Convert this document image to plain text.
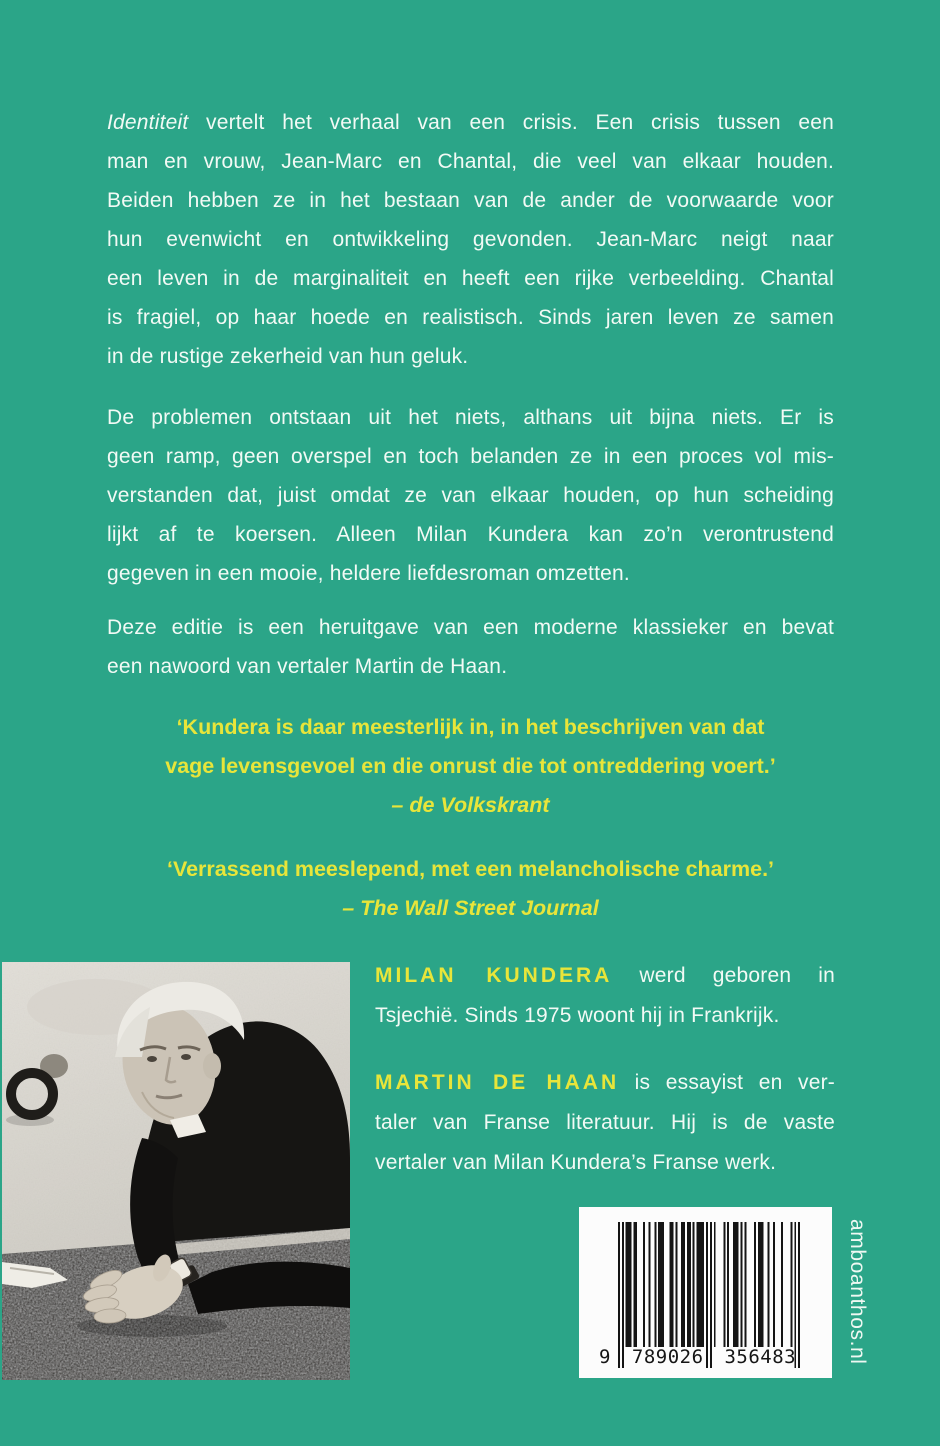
Identiteit vertelt het verhaal van een crisis. Een crisis tussen een
man en vrouw, Jean-Marc en Chantal, die veel van elkaar houden.
Beiden hebben ze in het bestaan van de ander de voorwaarde voor
hun evenwicht en ontwikkeling gevonden. Jean-Marc neigt naar
een leven in de marginaliteit en heeft een rijke verbeelding. Chantal
is fragiel, op haar hoede en realistisch. Sinds jaren leven ze samen
in de rustige zekerheid van hun geluk.
De problemen ontstaan uit het niets, althans uit bijna niets. Er is
geen ramp, geen overspel en toch belanden ze in een proces vol mis-
verstanden dat, juist omdat ze van elkaar houden, op hun scheiding
lijkt af te koersen. Alleen Milan Kundera kan zo’n verontrustend
gegeven in een mooie, heldere liefdesroman omzetten.
Deze editie is een heruitgave van een moderne klassieker en bevat
een nawoord van vertaler Martin de Haan.
‘Kundera is daar meesterlijk in, in het beschrijven van dat
vage levensgevoel en die onrust die tot ontreddering voert.’
– de Volkskrant
‘Verrassend meeslepend, met een melancholische charme.’
– The Wall Street Journal
MILAN KUNDERA werd geboren in
Tsjechië. Sinds 1975 woont hij in Frankrijk.
MARTIN DE HAAN is essayist en ver-
taler van Franse literatuur. Hij is de vaste
vertaler van Milan Kundera’s Franse werk.
9 789026 356483 amboanthos.nl
